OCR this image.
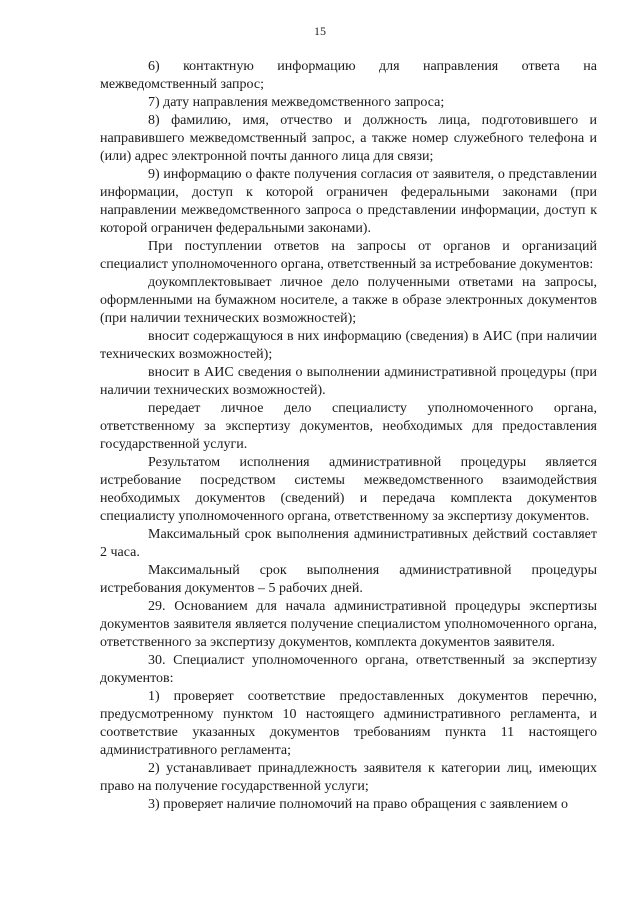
15

6) контактную информацию для направления ответа на межведомственный запрос;

7) дату направления межведомственного запроса;

8) фамилию, имя, отчество и должность лица, подготовившего и направившего межведомственный запрос, а также номер служебного телефона и (или) адрес электронной почты данного лица для связи;

9) информацию о факте получения согласия от заявителя, о представлении информации, доступ к которой ограничен федеральными законами (при направлении межведомственного запроса о представлении информации, доступ к которой ограничен федеральными законами).

При поступлении ответов на запросы от органов и организаций специалист уполномоченного органа, ответственный за истребование документов:

доукомплектовывает личное дело полученными ответами на запросы, оформленными на бумажном носителе, а также в образе электронных документов (при наличии технических возможностей);

вносит содержащуюся в них информацию (сведения) в АИС (при наличии технических возможностей);

вносит в АИС сведения о выполнении административной процедуры (при наличии технических возможностей).

передает личное дело специалисту уполномоченного органа, ответственному за экспертизу документов, необходимых для предоставления государственной услуги.

Результатом исполнения административной процедуры является истребование посредством системы межведомственного взаимодействия необходимых документов (сведений) и передача комплекта документов специалисту уполномоченного органа, ответственному за экспертизу документов.

Максимальный срок выполнения административных действий составляет 2 часа.

Максимальный срок выполнения административной процедуры истребования документов – 5 рабочих дней.

29. Основанием для начала административной процедуры экспертизы документов заявителя является получение специалистом уполномоченного органа, ответственного за экспертизу документов, комплекта документов заявителя.

30. Специалист уполномоченного органа, ответственный за экспертизу документов:

1) проверяет соответствие предоставленных документов перечню, предусмотренному пунктом 10 настоящего административного регламента, и соответствие указанных документов требованиям пункта 11 настоящего административного регламента;

2) устанавливает принадлежность заявителя к категории лиц, имеющих право на получение государственной услуги;

3) проверяет наличие полномочий на право обращения с заявлением о
